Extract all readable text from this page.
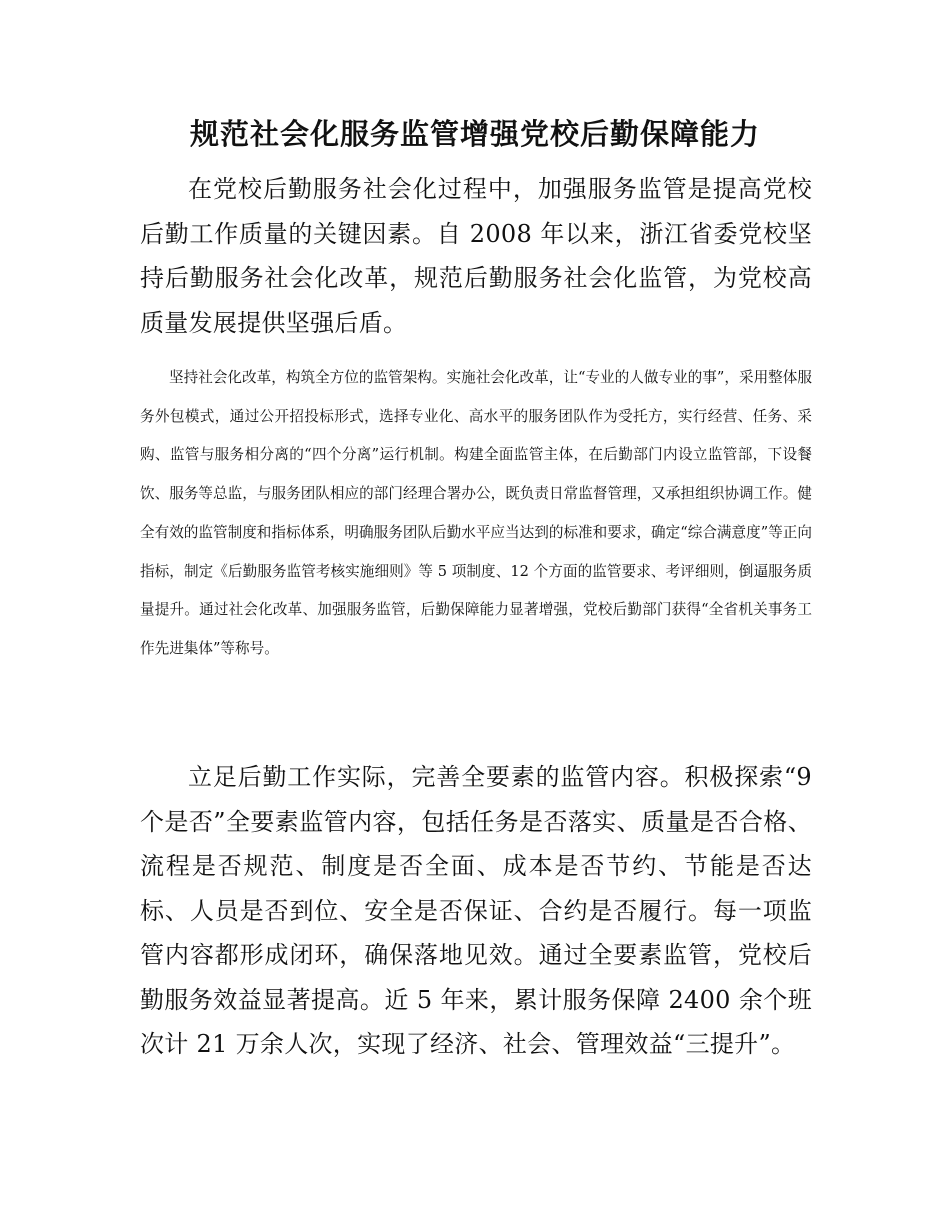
规范社会化服务监管增强党校后勤保障能力

在党校后勤服务社会化过程中，加强服务监管是提高党校后勤工作质量的关键因素。自 2008 年以来，浙江省委党校坚持后勤服务社会化改革，规范后勤服务社会化监管，为党校高质量发展提供坚强后盾。

坚持社会化改革，构筑全方位的监管架构。实施社会化改革，让“专业的人做专业的事”，采用整体服务外包模式，通过公开招投标形式，选择专业化、高水平的服务团队作为受托方，实行经营、任务、采购、监管与服务相分离的“四个分离”运行机制。构建全面监管主体，在后勤部门内设立监管部，下设餐饮、服务等总监，与服务团队相应的部门经理合署办公，既负责日常监督管理，又承担组织协调工作。健全有效的监管制度和指标体系，明确服务团队后勤水平应当达到的标准和要求，确定“综合满意度”等正向指标，制定《后勤服务监管考核实施细则》等 5 项制度、12 个方面的监管要求、考评细则，倒逼服务质量提升。通过社会化改革、加强服务监管，后勤保障能力显著增强，党校后勤部门获得“全省机关事务工作先进集体”等称号。

立足后勤工作实际，完善全要素的监管内容。积极探索“9 个是否”全要素监管内容，包括任务是否落实、质量是否合格、流程是否规范、制度是否全面、成本是否节约、节能是否达标、人员是否到位、安全是否保证、合约是否履行。每一项监管内容都形成闭环，确保落地见效。通过全要素监管，党校后勤服务效益显著提高。近 5 年来，累计服务保障 2400 余个班次计 21 万余人次，实现了经济、社会、管理效益“三提升”。
